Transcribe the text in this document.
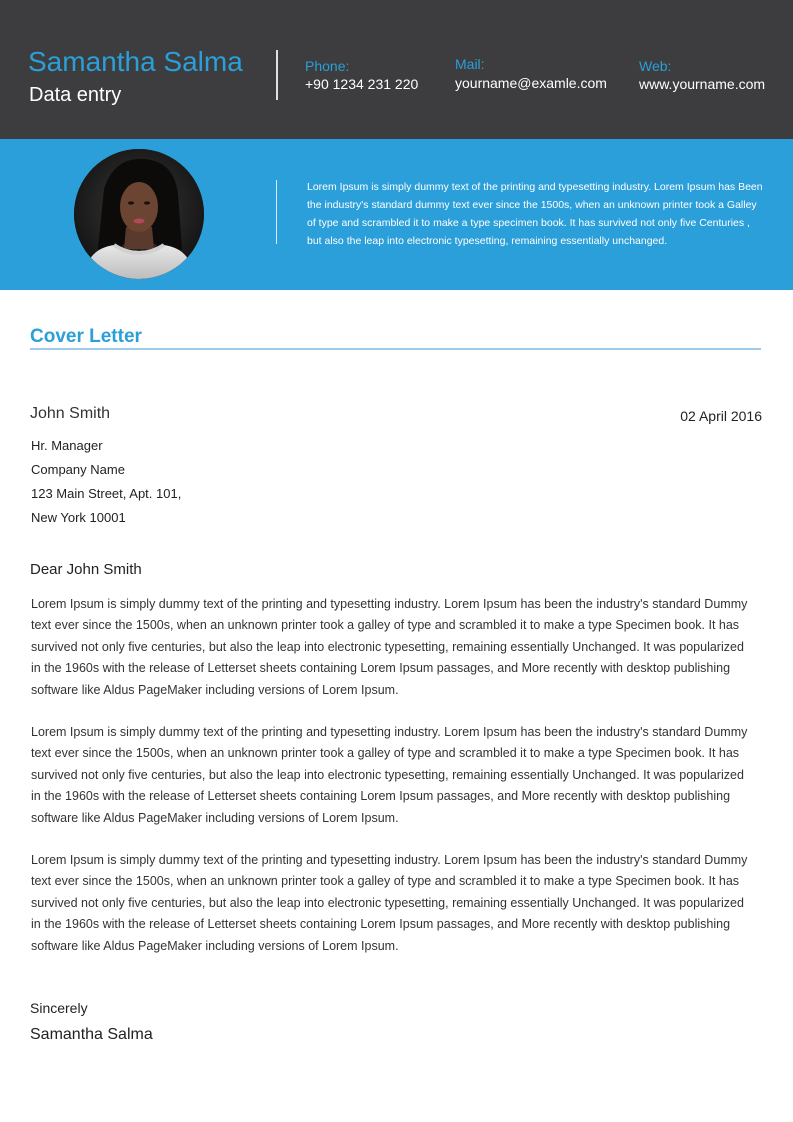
Samantha Salma
Data entry
Phone:
+90 1234 231 220
Mail:
yourname@examle.com
Web:
www.yourname.com
Lorem Ipsum is simply dummy text of the printing and typesetting industry. Lorem Ipsum has Been the industry's standard dummy text ever since the 1500s, when an unknown printer took a Galley of type and scrambled it to make a type specimen book. It has survived not only five Centuries , but also the leap into electronic typesetting, remaining essentially unchanged.
Cover Letter
John Smith	02 April 2016
Hr. Manager
Company Name
123 Main Street, Apt. 101,
New York 10001
Dear John Smith
Lorem Ipsum is simply dummy text of the printing and typesetting industry. Lorem Ipsum has been the industry's standard Dummy text ever since the 1500s, when an unknown printer took a galley of type and scrambled it to make a type Specimen book. It has survived not only five centuries, but also the leap into electronic typesetting, remaining essentially Unchanged. It was popularized in the 1960s with the release of Letterset sheets containing Lorem Ipsum passages, and More recently with desktop publishing software like Aldus PageMaker including versions of Lorem Ipsum.
Lorem Ipsum is simply dummy text of the printing and typesetting industry. Lorem Ipsum has been the industry's standard Dummy text ever since the 1500s, when an unknown printer took a galley of type and scrambled it to make a type Specimen book. It has survived not only five centuries, but also the leap into electronic typesetting, remaining essentially Unchanged. It was popularized in the 1960s with the release of Letterset sheets containing Lorem Ipsum passages, and More recently with desktop publishing software like Aldus PageMaker including versions of Lorem Ipsum.
Lorem Ipsum is simply dummy text of the printing and typesetting industry. Lorem Ipsum has been the industry's standard Dummy text ever since the 1500s, when an unknown printer took a galley of type and scrambled it to make a type Specimen book. It has survived not only five centuries, but also the leap into electronic typesetting, remaining essentially Unchanged. It was popularized in the 1960s with the release of Letterset sheets containing Lorem Ipsum passages, and More recently with desktop publishing software like Aldus PageMaker including versions of Lorem Ipsum.
Sincerely
Samantha Salma
